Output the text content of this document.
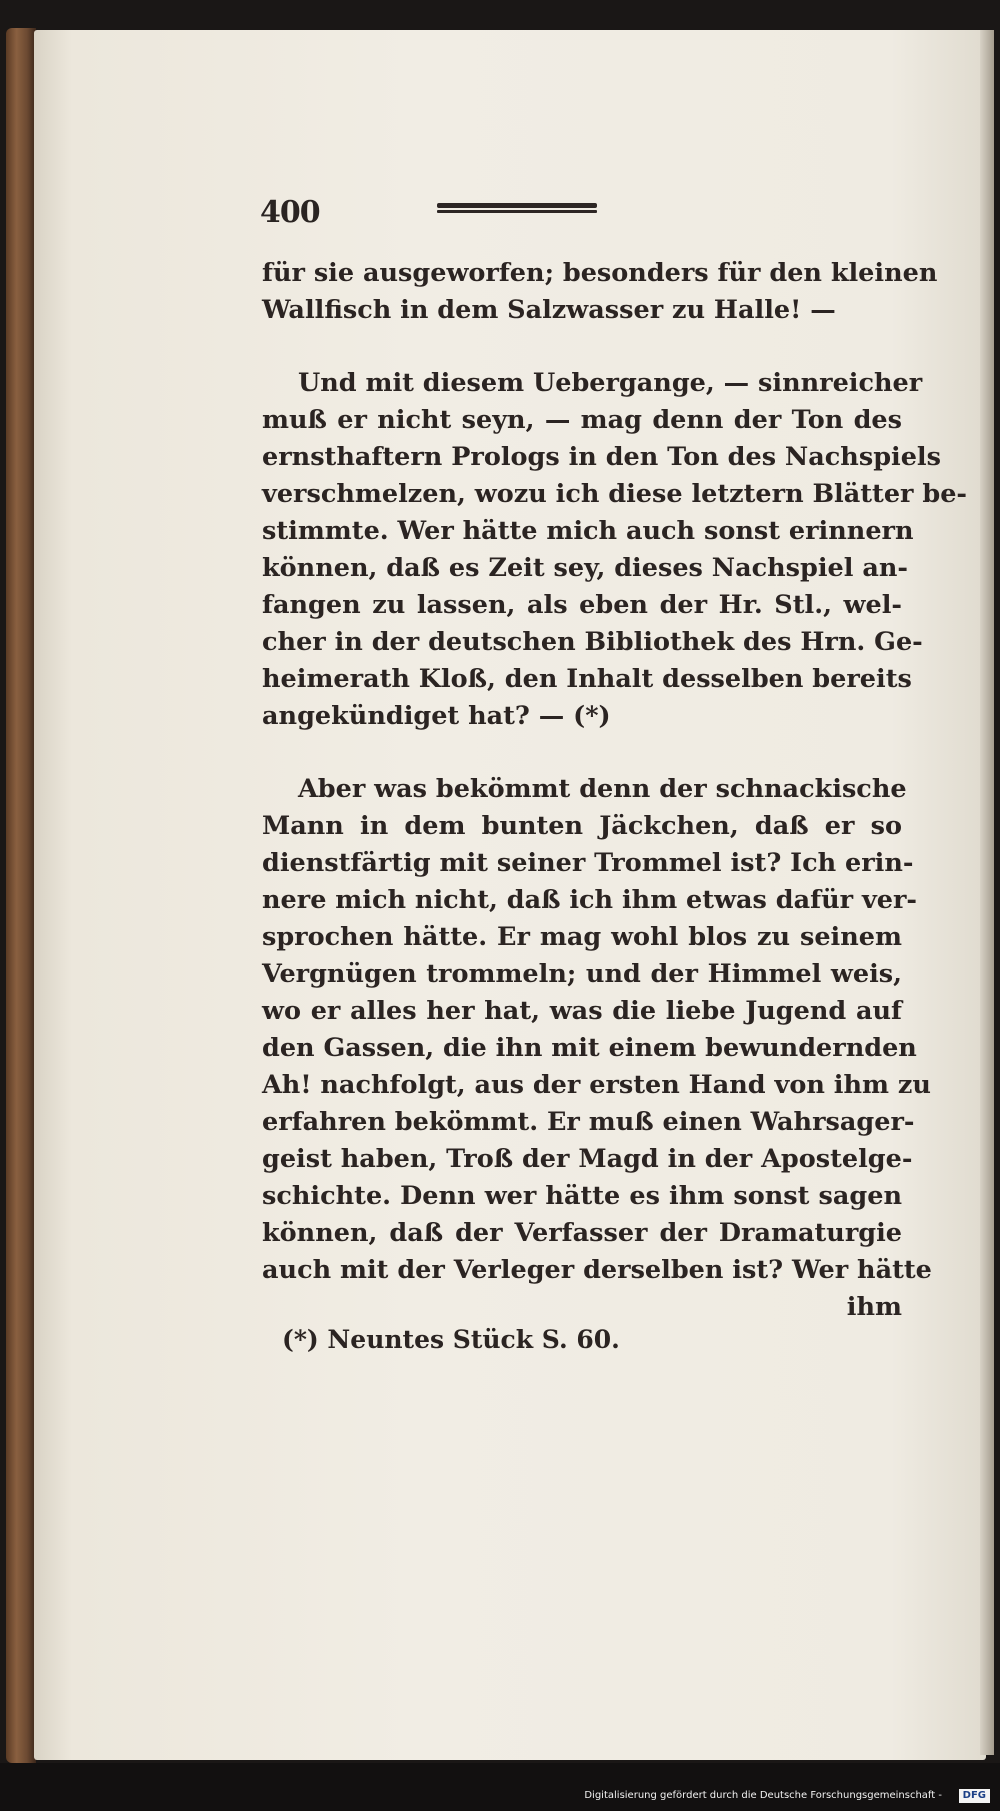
400
für sie ausgeworfen; besonders für den kleinen
Wallfisch in dem Salzwasser zu Halle! —
Und mit diesem Uebergange, — sinnreicher
muß er nicht seyn, — mag denn der Ton des
ernsthaftern Prologs in den Ton des Nachspiels
verschmelzen, wozu ich diese letztern Blätter be-
stimmte. Wer hätte mich auch sonst erinnern
können, daß es Zeit sey, dieses Nachspiel an-
fangen zu lassen, als eben der Hr. Stl., wel-
cher in der deutschen Bibliothek des Hrn. Ge-
heimerath Kloß, den Inhalt desselben bereits
angekündiget hat? — (*)
Aber was bekömmt denn der schnackische
Mann in dem bunten Jäckchen, daß er so
dienstfärtig mit seiner Trommel ist? Ich erin-
nere mich nicht, daß ich ihm etwas dafür ver-
sprochen hätte. Er mag wohl blos zu seinem
Vergnügen trommeln; und der Himmel weis,
wo er alles her hat, was die liebe Jugend auf
den Gassen, die ihn mit einem bewundernden
Ah! nachfolgt, aus der ersten Hand von ihm zu
erfahren bekömmt. Er muß einen Wahrsager-
geist haben, Troß der Magd in der Apostelge-
schichte. Denn wer hätte es ihm sonst sagen
können, daß der Verfasser der Dramaturgie
auch mit der Verleger derselben ist? Wer hätte
ihm
(*) Neuntes Stück S. 60.
Digitalisierung gefördert durch die Deutsche Forschungsgemeinschaft -	DFG
